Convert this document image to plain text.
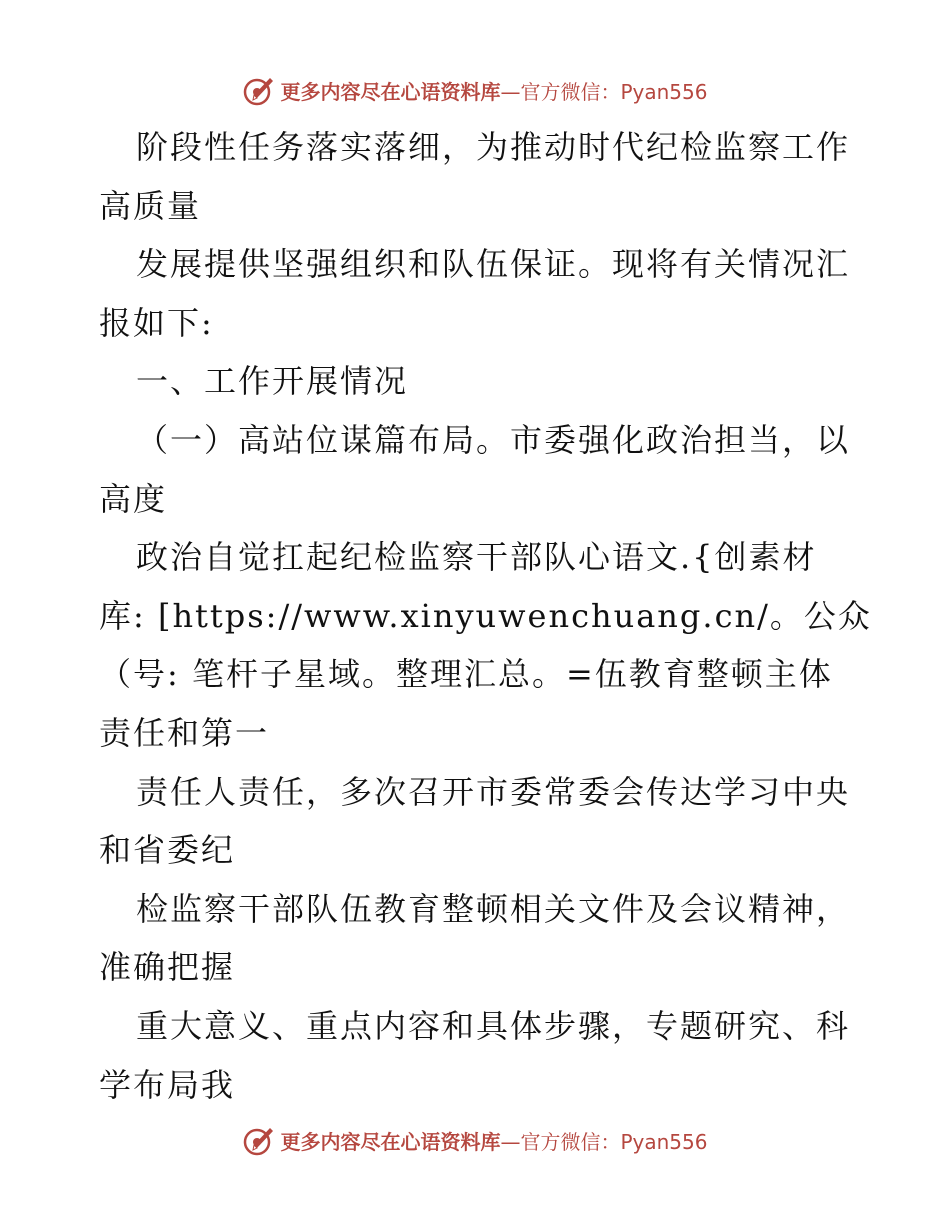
更多内容尽在心语资料库—官方微信：Pyan556
阶段性任务落实落细，为推动时代纪检监察工作
高质量
发展提供坚强组织和队伍保证。现将有关情况汇
报如下:
一、工作开展情况
（一）高站位谋篇布局。市委强化政治担当，以
高度
政治自觉扛起纪检监察干部队心语文.{创素材
库: [https://www.xinyuwenchuang.cn/。公众
（号: 笔杆子星域。整理汇总。=伍教育整顿主体
责任和第一
责任人责任，多次召开市委常委会传达学习中央
和省委纪
检监察干部队伍教育整顿相关文件及会议精神，
准确把握
重大意义、重点内容和具体步骤，专题研究、科
学布局我
更多内容尽在心语资料库—官方微信：Pyan556
